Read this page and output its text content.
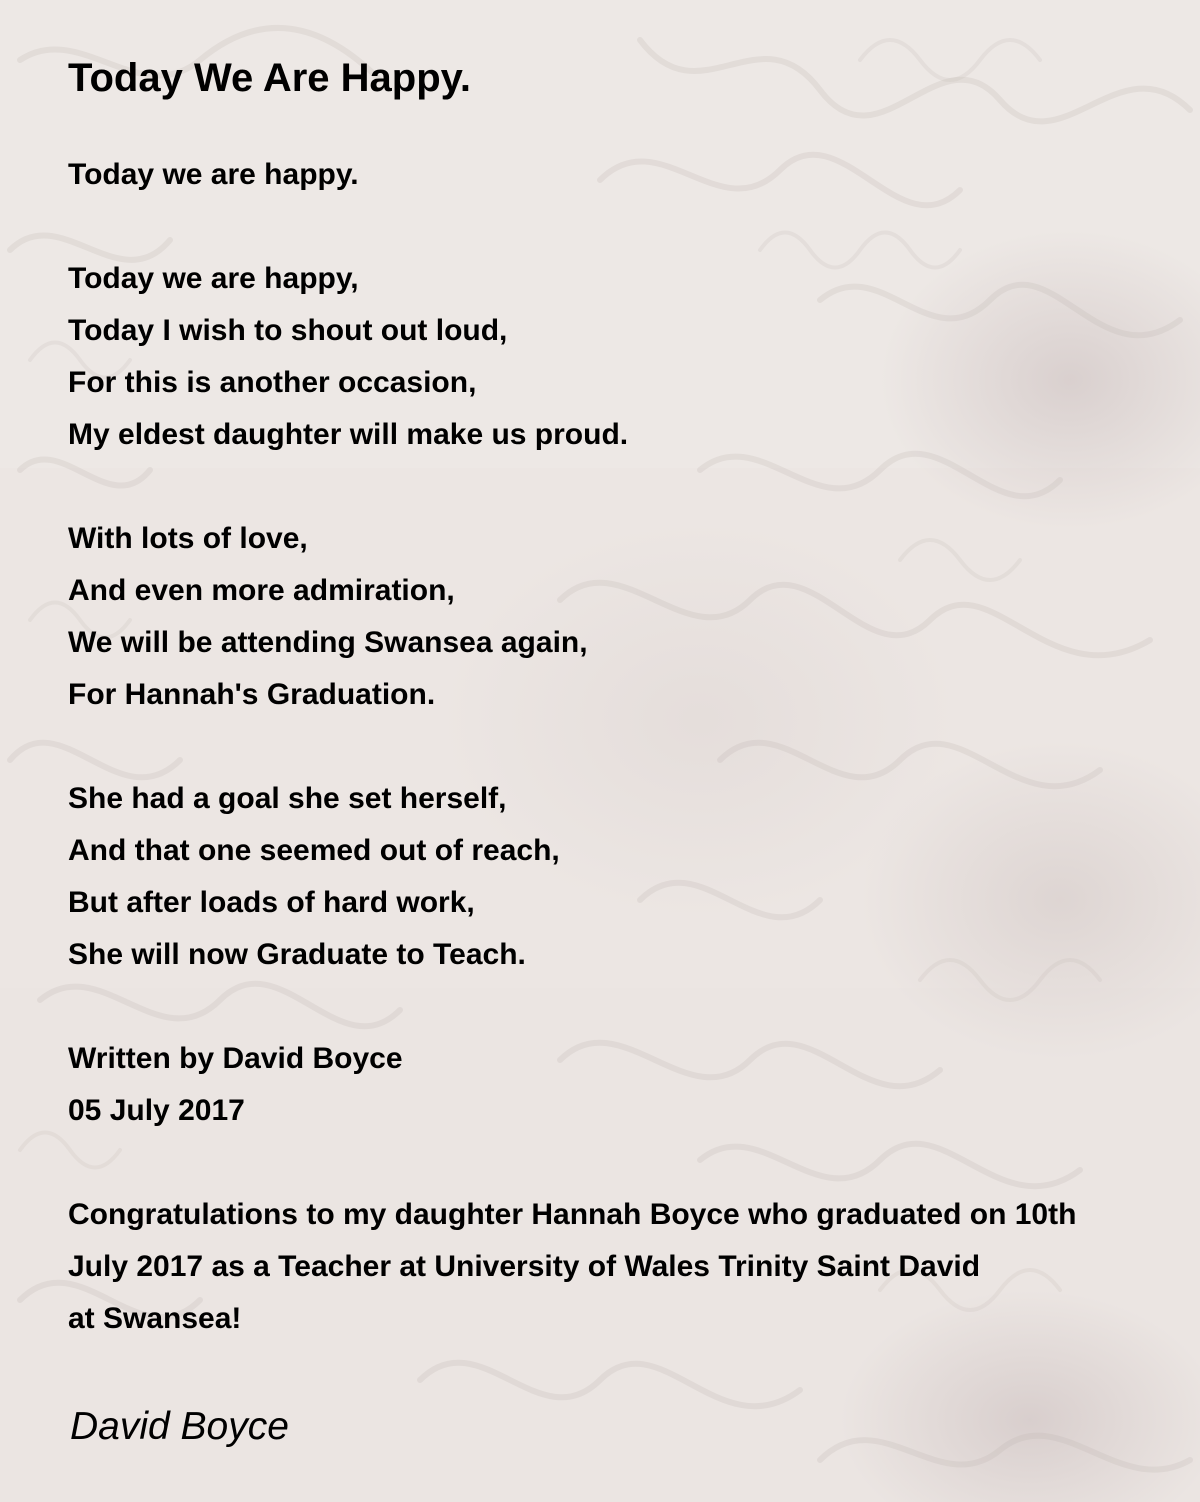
Today We Are Happy.
Today we are happy.
Today we are happy,
Today I wish to shout out loud,
For this is another occasion,
My eldest daughter will make us proud.
With lots of love,
And even more admiration,
We will be attending Swansea again,
For Hannah's Graduation.
She had a goal she set herself,
And that one seemed out of reach,
But after loads of hard work,
She will now Graduate to Teach.
Written by David Boyce
05 July 2017
Congratulations to my daughter Hannah Boyce who graduated on 10th
July 2017 as a Teacher at University of Wales Trinity Saint David
at Swansea!

David Boyce
